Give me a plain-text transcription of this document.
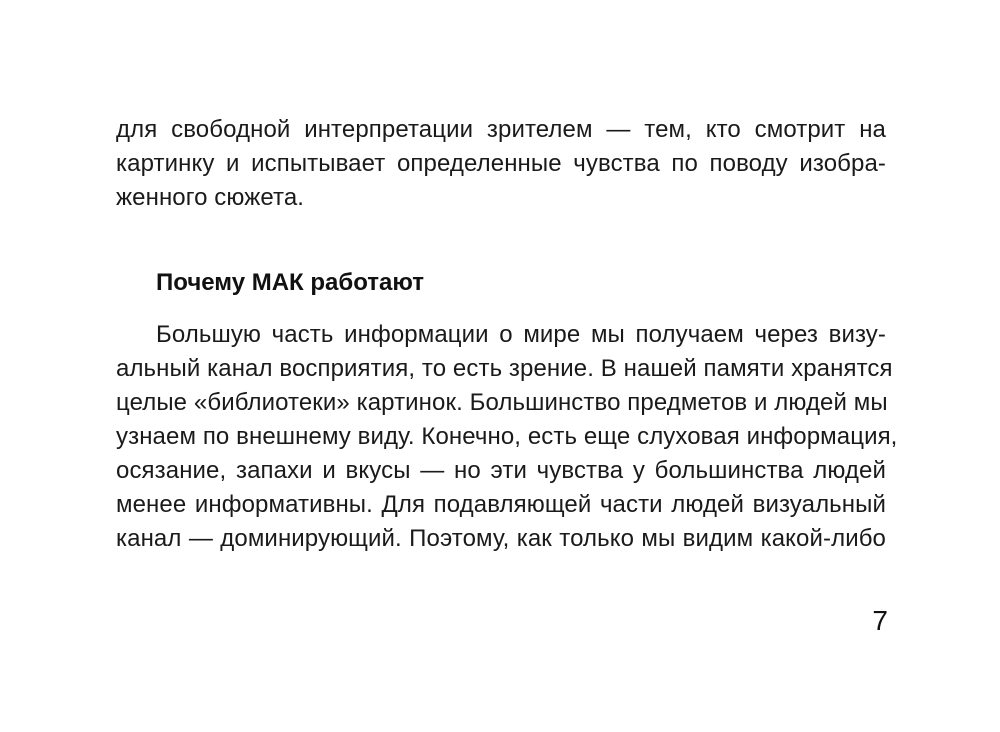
для свободной интерпретации зрителем — тем, кто смотрит на
картинку и испытывает определенные чувства по поводу изобра-
женного сюжета.
Почему МАК работают
Большую часть информации о мире мы получаем через визу-
альный канал восприятия, то есть зрение. В нашей памяти хранятся
целые «библиотеки» картинок. Большинство предметов и людей мы
узнаем по внешнему виду. Конечно, есть еще слуховая информация,
осязание, запахи и вкусы — но эти чувства у большинства людей
менее информативны. Для подавляющей части людей визуальный
канал — доминирующий. Поэтому, как только мы видим какой-либо
7
